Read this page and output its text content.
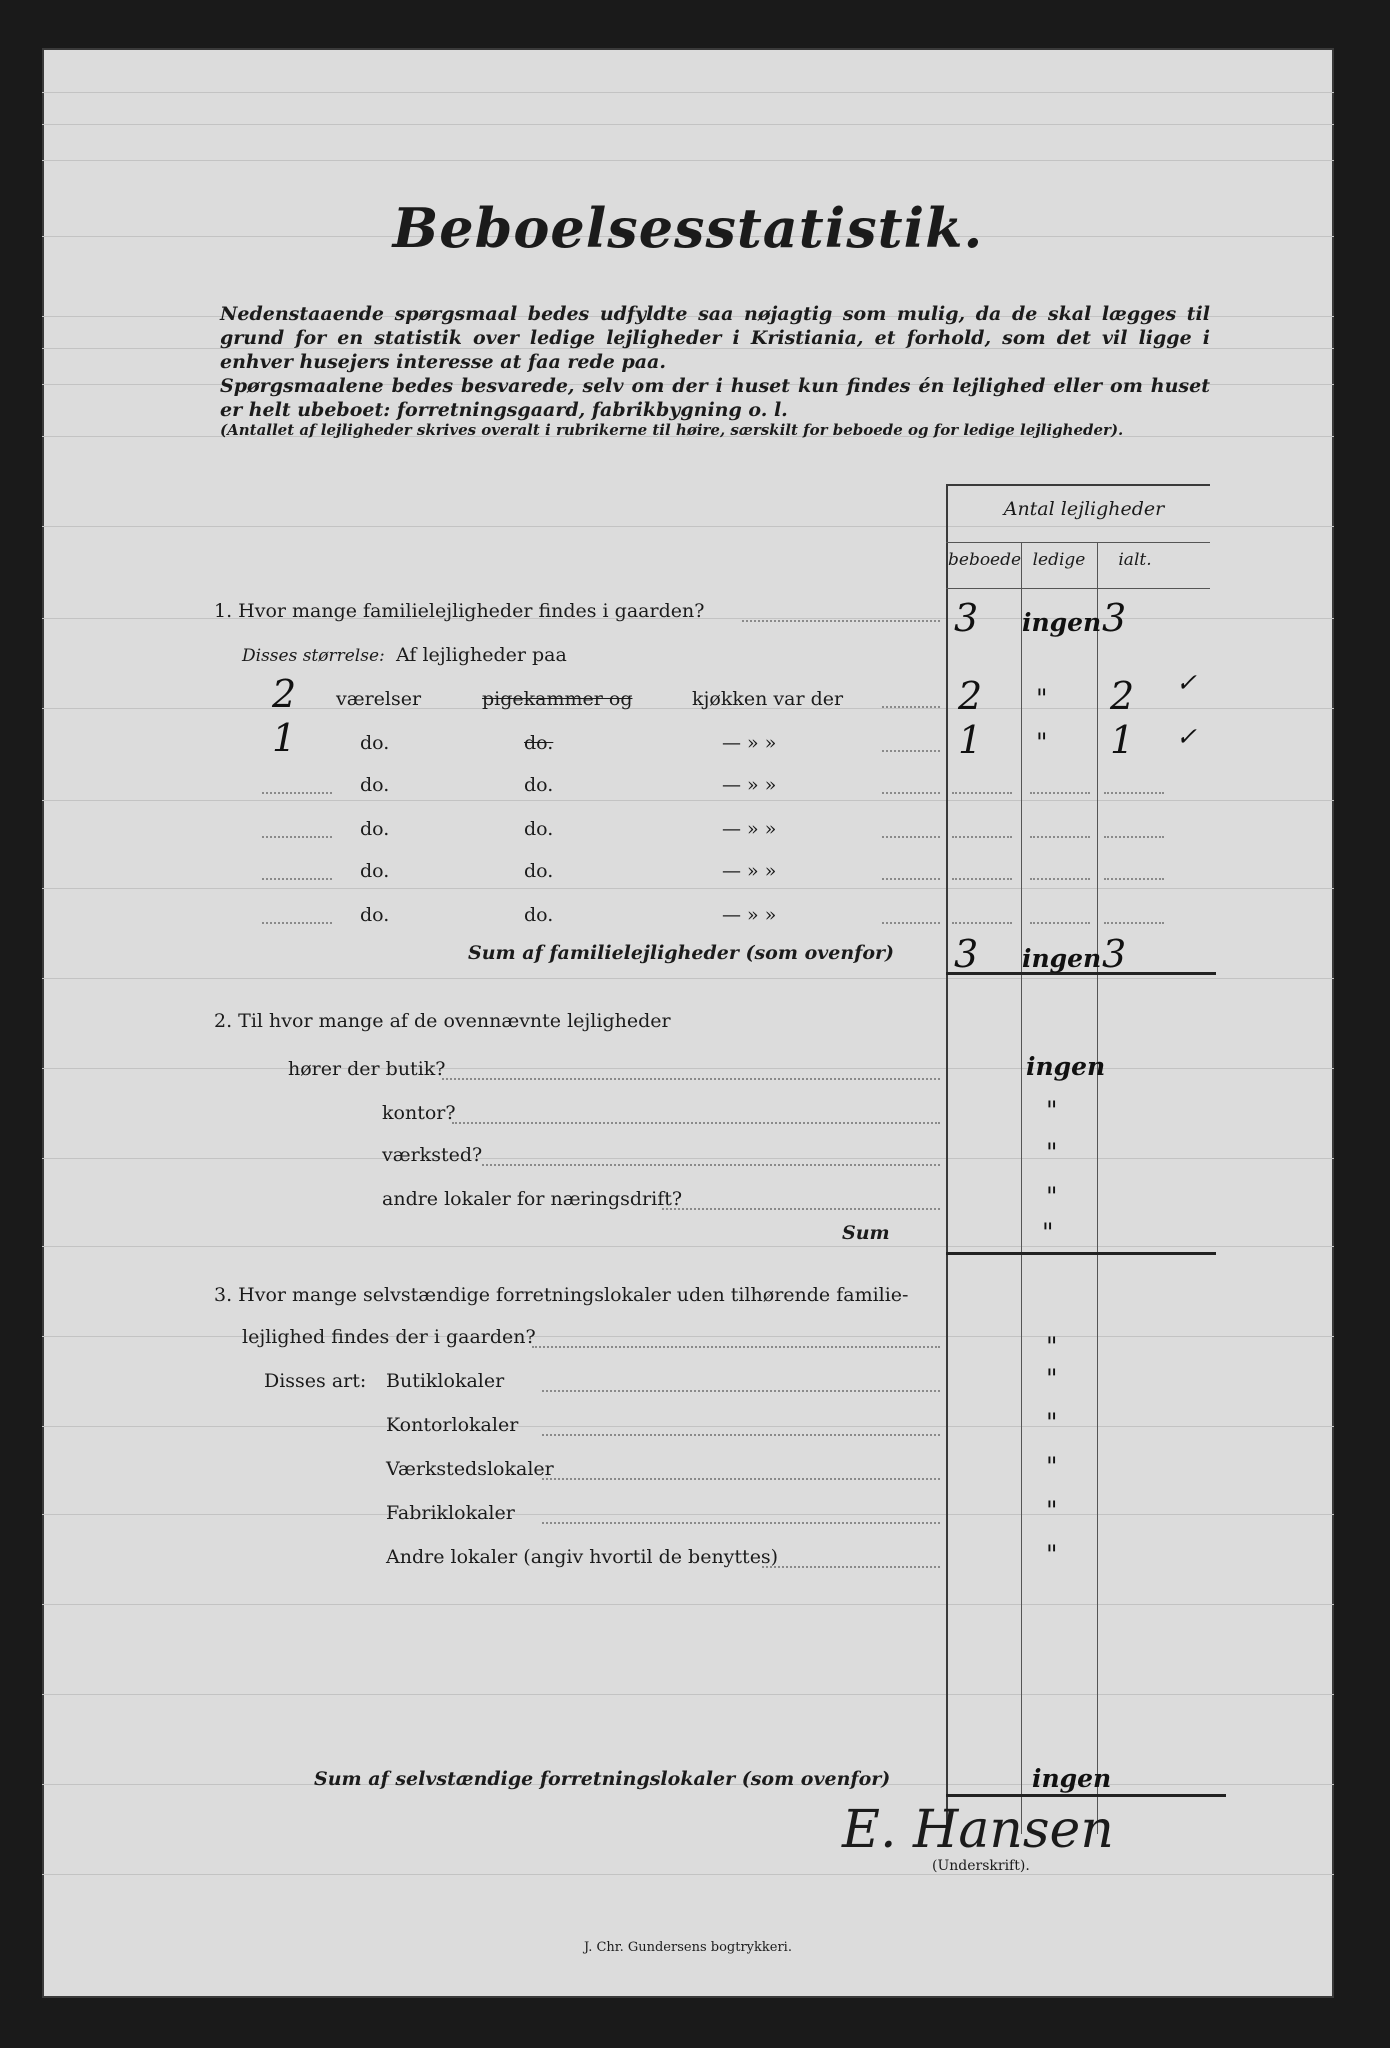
Beboelsesstatistik.
Nedenstaaende spørgsmaal bedes udfyldte saa nøjagtig som mulig, da de skal lægges til grund for en statistik over ledige lejligheder i Kristiania, et forhold, som det vil ligge i enhver husejers interesse at faa rede paa.
Spørgsmaalene bedes besvarede, selv om der i huset kun findes én lejlighed eller om huset er helt ubeboet: forretningsgaard, fabrikbygning o. l.
(Antallet af lejligheder skrives overalt i rubrikerne til høire, særskilt for beboede og for ledige lejligheder).
Antal lejligheder
beboede ledige	ialt.
1. Hvor mange familielejligheder findes i gaarden?	3 ingen 3
Disses størrelse: Af lejligheder paa
Sum af familielejligheder (som ovenfor) 3 ingen 3
2. Til hvor mange af de ovennævnte lejligheder
Sum	"
3. Hvor mange selvstændige forretningslokaler uden tilhørende familie-
lejlighed findes der i gaarden?	"
Disses art:
Sum af selvstændige forretningslokaler (som ovenfor)	ingen
E. Hansen
(Underskrift).
J. Chr. Gundersens bogtrykkeri.
✓
✓
2 værelser	pigekammer og	kjøkken var der	2 " 2
1	do.	do.	— » »	1 " 1
do.	do.	— » »
do.	do.	— » »
do.	do.	— » »
do.	do.	— » »
hører der butik?	ingen
kontor?	"
værksted?	"
andre lokaler for næringsdrift?	"
Butiklokaler	"
Kontorlokaler	"
Værkstedslokaler	"
Fabriklokaler	"
Andre lokaler (angiv hvortil de benyttes)	"
